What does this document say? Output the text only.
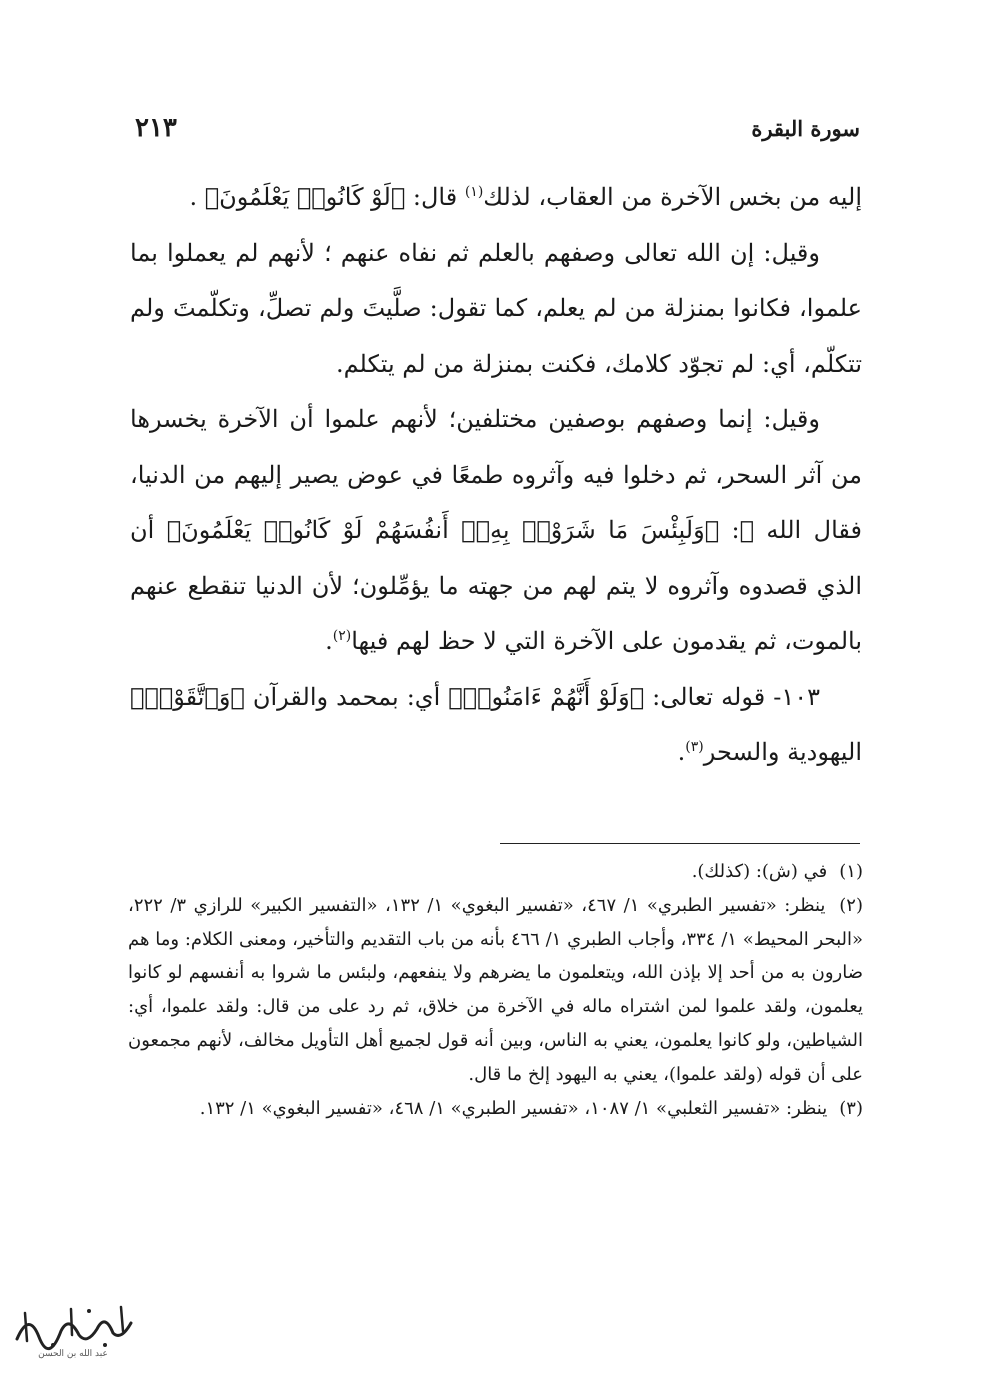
سورة البقرة
٢١٣

إليه من بخس الآخرة من العقاب، لذلك$^{(١)}$ قال: ﴿لَوْ كَانُوا۟ يَعْلَمُونَ﴾ .

وقيل: إن الله تعالى وصفهم بالعلم ثم نفاه عنهم ؛ لأنهم لم يعملوا بما علموا، فكانوا بمنزلة من لم يعلم، كما تقول: صلَّيتَ ولم تصلِّ، وتكلّمتَ ولم تتكلّم، أي: لم تجوّد كلامك، فكنت بمنزلة من لم يتكلم.

وقيل: إنما وصفهم بوصفين مختلفين؛ لأنهم علموا أن الآخرة يخسرها من آثر السحر، ثم دخلوا فيه وآثروه طمعًا في عوض يصير إليهم من الدنيا، فقال الله ﷻ: ﴿وَلَبِئْسَ مَا شَرَوْا۟ بِهِۦٓ أَنفُسَهُمْ لَوْ كَانُوا۟ يَعْلَمُونَ﴾ أن الذي قصدوه وآثروه لا يتم لهم من جهته ما يؤمِّلون؛ لأن الدنيا تنقطع عنهم بالموت، ثم يقدمون على الآخرة التي لا حظ لهم فيها$^{(٢)}$.

١٠٣- قوله تعالى: ﴿وَلَوْ أَنَّهُمْ ءَامَنُوا۟﴾ أي: بمحمد والقرآن ﴿وَٱتَّقَوْا۟﴾ اليهودية والسحر$^{(٣)}$.

(١) في (ش): (كذلك).

(٢) ينظر: «تفسير الطبري» ١/ ٤٦٧، «تفسير البغوي» ١/ ١٣٢، «التفسير الكبير» للرازي ٣/ ٢٢٢، «البحر المحيط» ١/ ٣٣٤، وأجاب الطبري ١/ ٤٦٦ بأنه من باب التقديم والتأخير، ومعنى الكلام: وما هم ضارون به من أحد إلا بإذن الله، ويتعلمون ما يضرهم ولا ينفعهم، ولبئس ما شروا به أنفسهم لو كانوا يعلمون، ولقد علموا لمن اشتراه ماله في الآخرة من خلاق، ثم رد على من قال: ولقد علموا، أي: الشياطين، ولو كانوا يعلمون، يعني به الناس، وبين أنه قول لجميع أهل التأويل مخالف، لأنهم مجمعون على أن قوله (ولقد علموا)، يعني به اليهود إلخ ما قال.

(٣) ينظر: «تفسير الثعلبي» ١/ ١٠٨٧، «تفسير الطبري» ١/ ٤٦٨، «تفسير البغوي» ١/ ١٣٢.

عبد الله بن الحسن
